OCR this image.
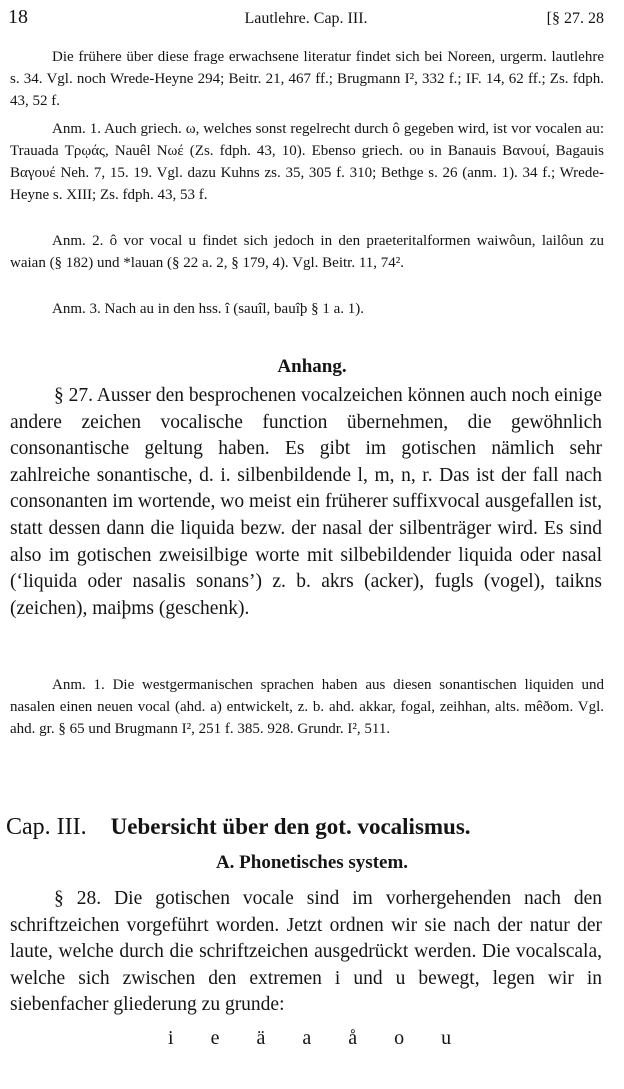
18	Lautlehre. Cap. III.	[§ 27. 28

Die frühere über diese frage erwachsene literatur findet sich bei Noreen, urgerm. lautlehre s. 34. Vgl. noch Wrede-Heyne 294; Beitr. 21, 467 ff.; Brugmann I², 332 f.; IF. 14, 62 ff.; Zs. fdph. 43, 52 f.

Anm. 1. Auch griech. ω, welches sonst regelrecht durch ô gegeben wird, ist vor vocalen au: Trauada Τρῳάς, Nauêl Νωέ (Zs. fdph. 43, 10). Ebenso griech. ου in Banauis Βανουί, Bagauis Βαγουέ Neh. 7, 15. 19. Vgl. dazu Kuhns zs. 35, 305 f. 310; Bethge s. 26 (anm. 1). 34 f.; Wrede-Heyne s. XIII; Zs. fdph. 43, 53 f.

Anm. 2. ô vor vocal u findet sich jedoch in den praeteritalformen waiwôun, lailôun zu waian (§ 182) und *lauan (§ 22 a. 2, § 179, 4). Vgl. Beitr. 11, 74².

Anm. 3. Nach au in den hss. î (sauîl, bauîþ § 1 a. 1).

Anhang.

§ 27. Ausser den besprochenen vocalzeichen können auch noch einige andere zeichen vocalische function übernehmen, die gewöhnlich consonantische geltung haben. Es gibt im gotischen nämlich sehr zahlreiche sonantische, d. i. silbenbildende l, m, n, r. Das ist der fall nach consonanten im wortende, wo meist ein früherer suffixvocal ausgefallen ist, statt dessen dann die liquida bezw. der nasal der silbenträger wird. Es sind also im gotischen zweisilbige worte mit silbebildender liquida oder nasal (‘liquida oder nasalis sonans’) z. b. akrs (acker), fugls (vogel), taikns (zeichen), maiþms (geschenk).

Anm. 1. Die westgermanischen sprachen haben aus diesen sonantischen liquiden und nasalen einen neuen vocal (ahd. a) entwickelt, z. b. ahd. akkar, fogal, zeihhan, alts. mêðom. Vgl. ahd. gr. § 65 und Brugmann I², 251 f. 385. 928. Grundr. I², 511.

Cap. III. Uebersicht über den got. vocalismus.
A. Phonetisches system.

§ 28. Die gotischen vocale sind im vorhergehenden nach den schriftzeichen vorgeführt worden. Jetzt ordnen wir sie nach der natur der laute, welche durch die schriftzeichen ausgedrückt werden. Die vocalscala, welche sich zwischen den extremen i und u bewegt, legen wir in siebenfacher gliederung zu grunde:

i e ä a å o u
